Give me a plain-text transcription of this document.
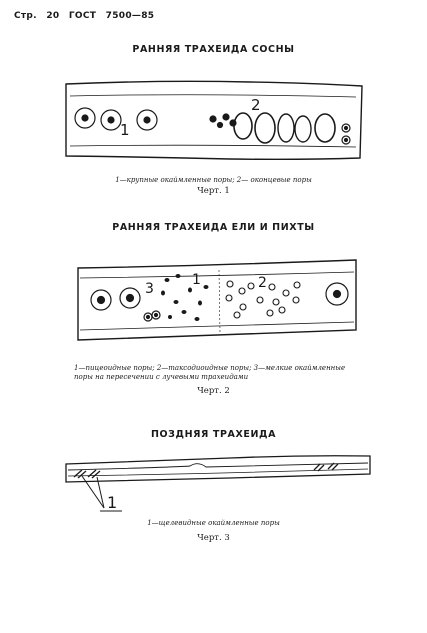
Стр. 20 ГОСТ 7500—85
РАННЯЯ ТРАХЕИДА СОСНЫ
1
2
3
1	2
1
1—крупные окаймленные поры; 2— оконцевые поры
Черт. 1
РАННЯЯ ТРАХЕИДА ЕЛИ И ПИХТЫ
1—пицеоидные поры; 2—таксодиоидные поры; 3—мелкие окаймленные
поры на пересечении с лучевыми трахеидами
Черт. 2
ПОЗДНЯЯ ТРАХЕИДА
1—щелевидные окаймленные поры
Черт. 3
